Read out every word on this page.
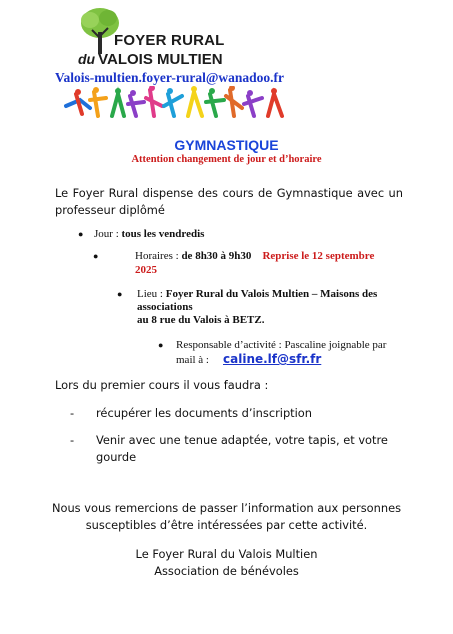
FOYER RURAL
du VALOIS MULTIEN
Valois-multien.foyer-rural@wanadoo.fr
GYMNASTIQUE
Attention changement de jour et d’horaire
Le Foyer Rural dispense des cours de Gymnastique avec un professeur diplômé
● Jour : tous les vendredis
●	Horaires : de 8h30 à 9h30 Reprise le 12 septembre
2025
● Lieu : Foyer Rural du Valois Multien – Maisons des associations
au 8 rue du Valois à BETZ.
● Responsable d’activité : Pascaline joignable par
mail à : caline.lf@sfr.fr
Lors du premier cours il vous faudra :
- récupérer les documents d’inscription
- Venir avec une tenue adaptée, votre tapis, et votre gourde
Nous vous remercions de passer l’information aux personnes
susceptibles d’être intéressées par cette activité.
Le Foyer Rural du Valois Multien
Association de bénévoles
